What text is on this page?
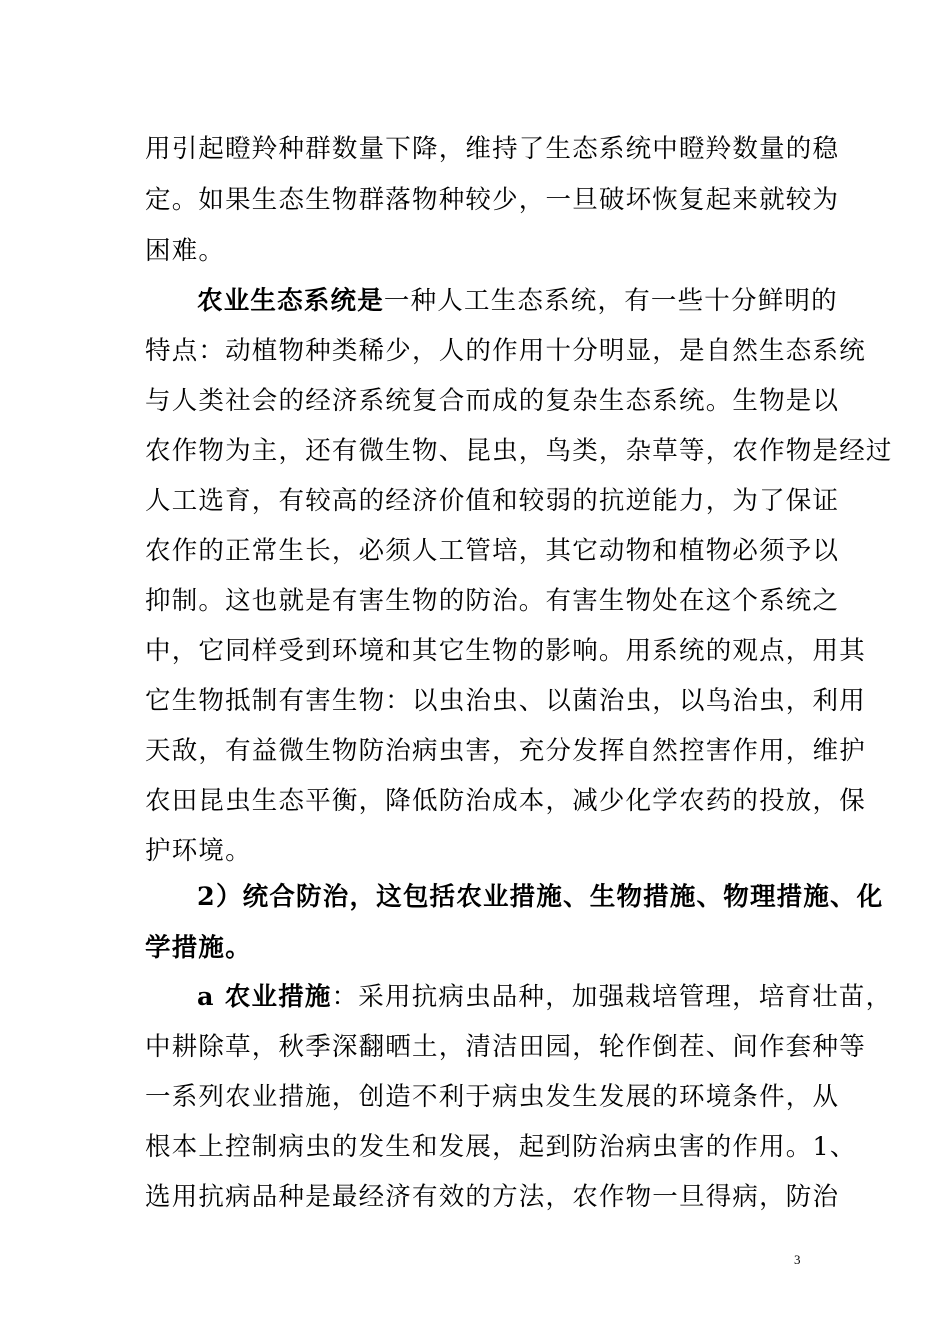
用引起瞪羚种群数量下降，维持了生态系统中瞪羚数量的稳
定。如果生态生物群落物种较少，一旦破坏恢复起来就较为
困难。
农业生态系统是一种人工生态系统，有一些十分鲜明的
特点：动植物种类稀少，人的作用十分明显，是自然生态系统
与人类社会的经济系统复合而成的复杂生态系统。生物是以
农作物为主，还有微生物、昆虫，鸟类，杂草等，农作物是经过
人工选育，有较高的经济价值和较弱的抗逆能力，为了保证
农作的正常生长，必须人工管培，其它动物和植物必须予以
抑制。这也就是有害生物的防治。有害生物处在这个系统之
中，它同样受到环境和其它生物的影响。用系统的观点，用其
它生物抵制有害生物：以虫治虫、以菌治虫，以鸟治虫，利用
天敌，有益微生物防治病虫害，充分发挥自然控害作用，维护
农田昆虫生态平衡，降低防治成本，减少化学农药的投放，保
护环境。
2）统合防治，这包括农业措施、生物措施、物理措施、化
学措施。
a 农业措施：采用抗病虫品种，加强栽培管理，培育壮苗，
中耕除草，秋季深翻晒土，清洁田园，轮作倒茬、间作套种等
一系列农业措施，创造不利于病虫发生发展的环境条件，从
根本上控制病虫的发生和发展，起到防治病虫害的作用。1、
选用抗病品种是最经济有效的方法，农作物一旦得病，防治
3
